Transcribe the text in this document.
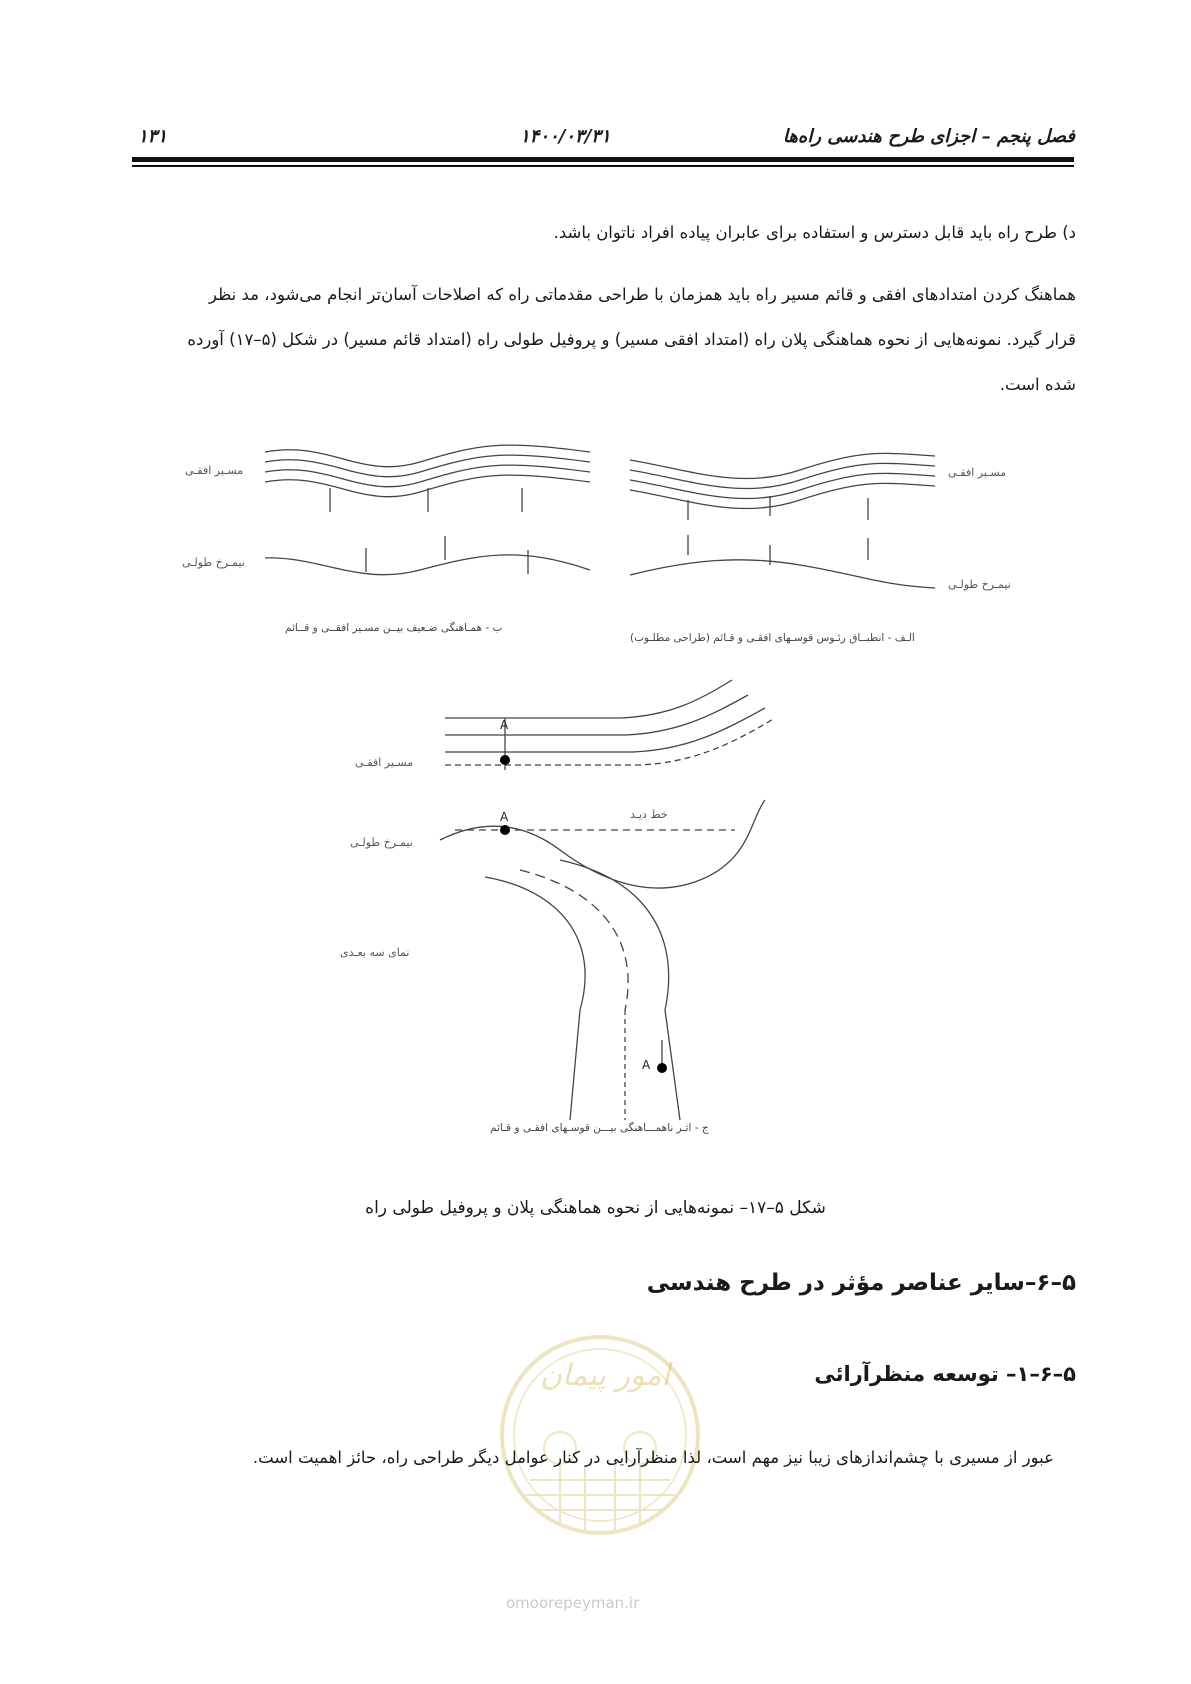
۱۳۱	۱۴۰۰/۰۳/۳۱	فصل پنجم – اجزای طرح هندسی راه‌ها
د) طرح راه باید قابل دسترس و استفاده برای عابران پیاده افراد ناتوان باشد.
هماهنگ کردن امتدادهای افقی و قائم مسیر راه باید همزمان با طراحی مقدماتی راه که اصلاحات آسان‌تر انجام می‌شود، مد نظر
قرار گیرد. نمونه‌هایی از نحوه هماهنگی پلان راه (امتداد افقی مسیر) و پروفیل طولی راه (امتداد قائم مسیر) در شکل (۵–۱۷) آورده
شده است.
مسـیر افقـی
نیمـرخ طولـی
مسـیر افقـی
نیمـرخ طولـی
ب - همـاهنگی ضـعیف بیــن مسـیر افقــی و قــائم
الـف - انطبــاق رئـوس قوسـهای افقـی و قـائم (طراحی مطلـوب)
مسـیر افقـی
A
نیمـرخ طولـی
A	خط دیـد
نمای سه بعـدی
A
ج - اثـر ناهمـــاهنگی بیـــن قوسـهای افقـی و قـائم
شکل ۵–۱۷– نمونه‌هایی از نحوه هماهنگی پلان و پروفیل طولی راه
۵–۶–سایر عناصر مؤثر در طرح هندسی
۵–۶–۱– توسعه منظرآرائی
امور پیمان
omoorepeyman.ir
عبور از مسیری با چشم‌اندازهای زیبا نیز مهم است، لذا منظرآرایی در کنار عوامل دیگر طراحی راه، حائز اهمیت است.
